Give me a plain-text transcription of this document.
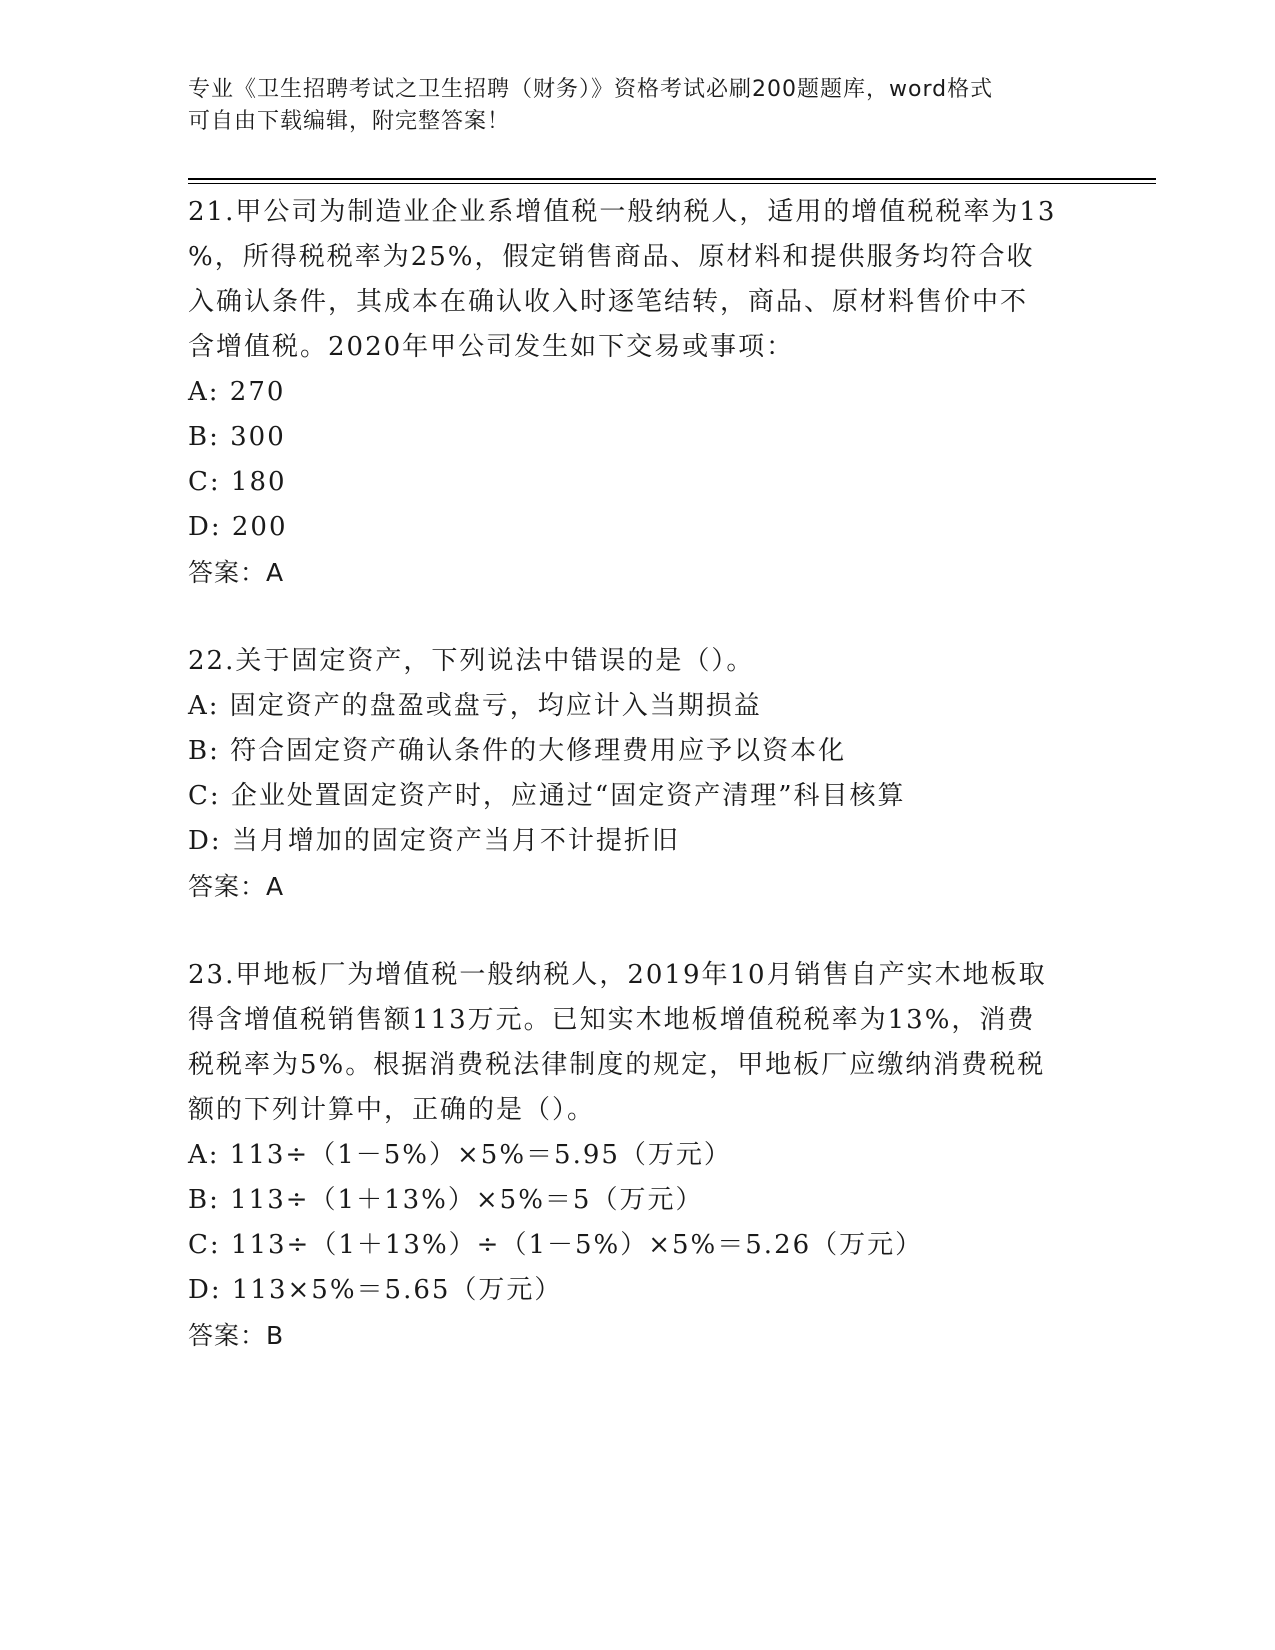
专业《卫生招聘考试之卫生招聘（财务）》资格考试必刷200题题库，word格式
可自由下载编辑，附完整答案！
21.甲公司为制造业企业系增值税一般纳税人，适用的增值税税率为13
%，所得税税率为25%，假定销售商品、原材料和提供服务均符合收
入确认条件，其成本在确认收入时逐笔结转，商品、原材料售价中不
含增值税。2020年甲公司发生如下交易或事项：
A: 270
B: 300
C: 180
D: 200
答案：A
22.关于固定资产，下列说法中错误的是（）。
A: 固定资产的盘盈或盘亏，均应计入当期损益
B: 符合固定资产确认条件的大修理费用应予以资本化
C: 企业处置固定资产时，应通过“固定资产清理”科目核算
D: 当月增加的固定资产当月不计提折旧
答案：A
23.甲地板厂为增值税一般纳税人，2019年10月销售自产实木地板取
得含增值税销售额113万元。已知实木地板增值税税率为13%，消费
税税率为5%。根据消费税法律制度的规定，甲地板厂应缴纳消费税税
额的下列计算中，正确的是（）。
A: 113÷（1－5%）×5%＝5.95（万元）
B: 113÷（1＋13%）×5%＝5（万元）
C: 113÷（1＋13%）÷（1－5%）×5%＝5.26（万元）
D: 113×5%＝5.65（万元）
答案：B
